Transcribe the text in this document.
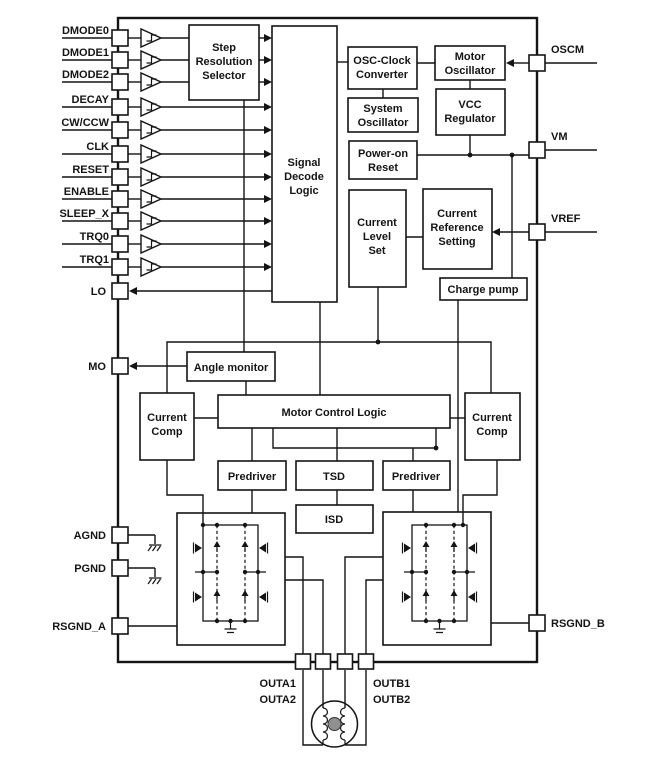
Step
Resolution
Selector
Signal
Decode
Logic
OSC-Clock
Converter
Motor
Oscillator
System
Oscillator
VCC
Regulator
Power-on
Reset
Current
Level
Set
Current
Reference
Setting
Charge pump
Angle monitor
Current
Comp
Motor Control Logic	Current
Comp
Predriver	TSD	Predriver
ISD
DMODE0
DMODE1
DMODE2
DECAY
CW/CCW
CLK
RESET
ENABLE
SLEEP_X
TRQ0
TRQ1
LO
MO
AGND
PGND
RSGND_A
OSCM
VM
VREF
RSGND_B
OUTA1
OUTA2
OUTB1
OUTB2
